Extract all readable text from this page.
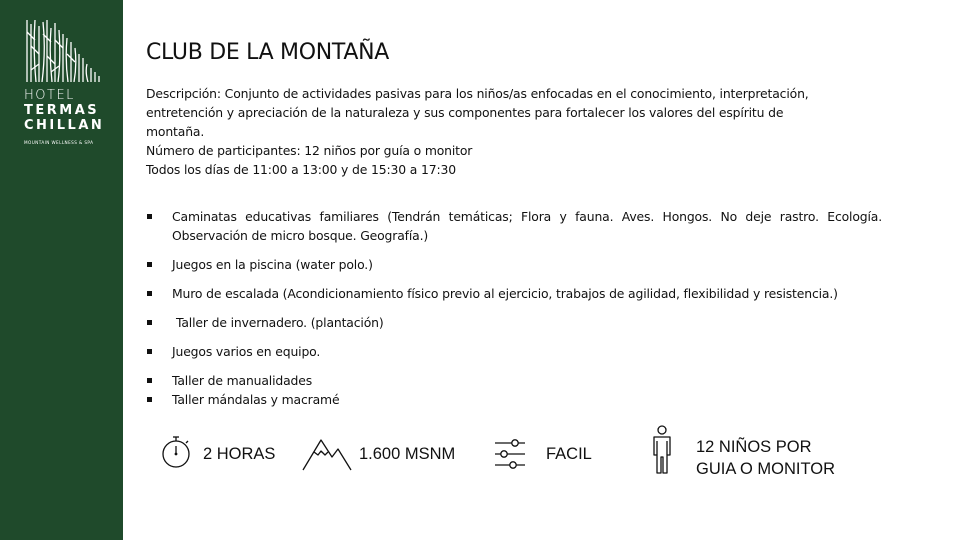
HOTEL
TERMAS
CHILLAN
MOUNTAIN WELLNESS & SPA
CLUB DE LA MONTAÑA
Descripción: Conjunto de actividades pasivas para los niños/as enfocadas en el conocimiento, interpretación,
entretención y apreciación de la naturaleza y sus componentes para fortalecer los valores del espíritu de
montaña.
Número de participantes: 12 niños por guía o monitor
Todos los días de 11:00 a 13:00 y de 15:30 a 17:30
Caminatas educativas familiares (Tendrán temáticas; Flora y fauna. Aves. Hongos. No deje rastro. Ecología. Observación de micro bosque. Geografía.)
Juegos en la piscina (water polo.)
Muro de escalada (Acondicionamiento físico previo al ejercicio, trabajos de agilidad, flexibilidad y resistencia.)
Taller de invernadero. (plantación)
Juegos varios en equipo.
Taller de manualidades
Taller mándalas y macramé
2 HORAS	1.600 MSNM	FACIL	12 NIÑOS POR
GUIA O MONITOR
